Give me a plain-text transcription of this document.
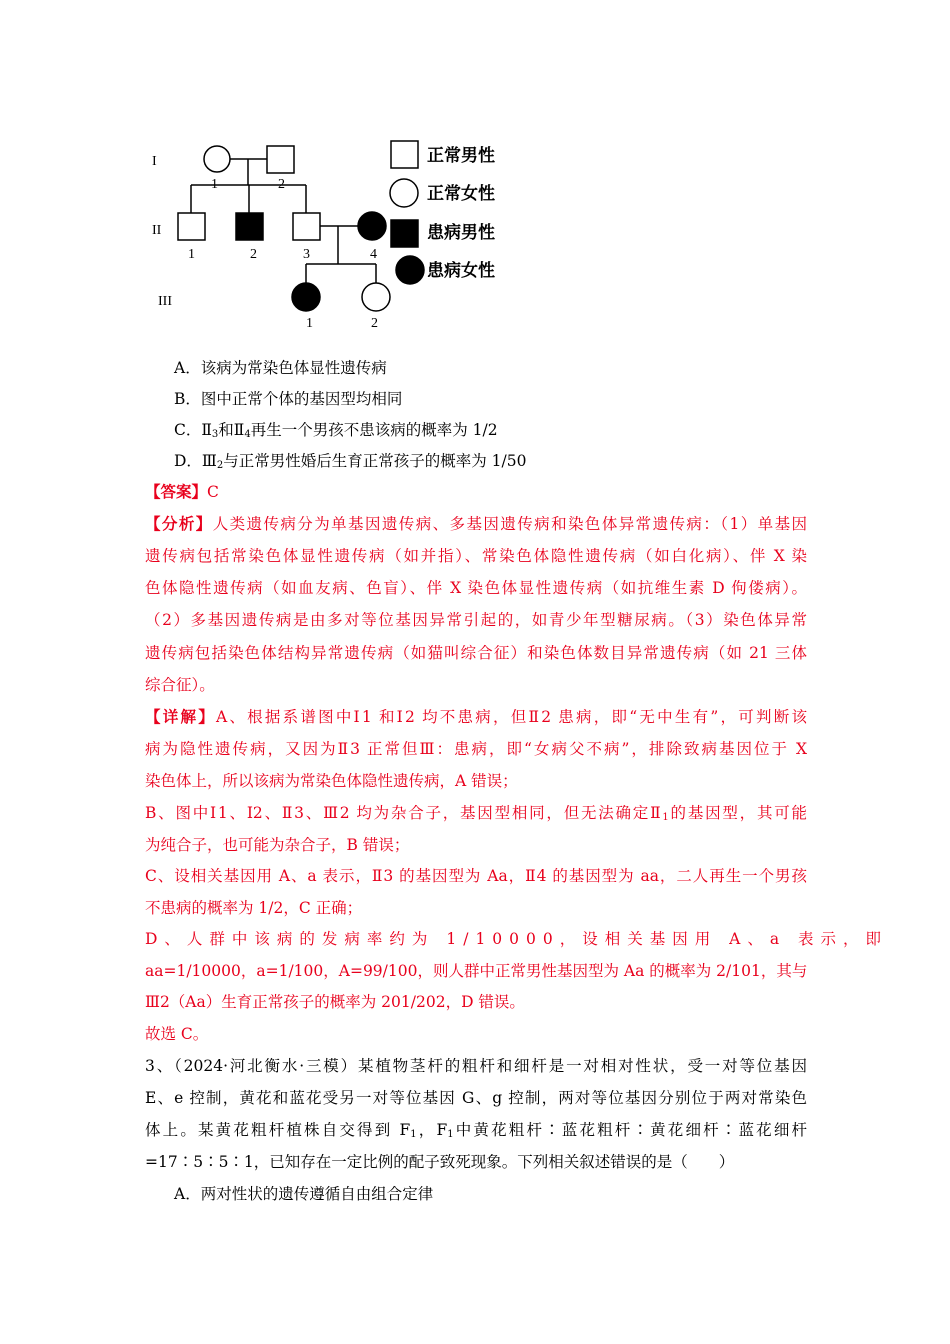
I
II
III
1	2
1	2	3	4
1	2
正常男性
正常女性
患病男性
患病女性
A．该病为常染色体显性遗传病
B．图中正常个体的基因型均相同
C．$Ⅱ_3$和$Ⅱ_4$再生一个男孩不患该病的概率为 1/2
D．$Ⅲ_2$与正常男性婚后生育正常孩子的概率为 1/50
【答案】C
【分析】人类遗传病分为单基因遗传病、多基因遗传病和染色体异常遗传病：（1）单基因
遗传病包括常染色体显性遗传病（如并指）、常染色体隐性遗传病（如白化病）、伴 X 染
色体隐性遗传病（如血友病、色盲）、伴 X 染色体显性遗传病（如抗维生素 D 佝偻病）。
（2）多基因遗传病是由多对等位基因异常引起的，如青少年型糖尿病。（3）染色体异常
遗传病包括染色体结构异常遗传病（如猫叫综合征）和染色体数目异常遗传病（如 21 三体
综合征）。
【详解】A、根据系谱图中Ⅰ1 和Ⅰ2 均不患病，但Ⅱ2 患病，即“无中生有”，可判断该
病为隐性遗传病，又因为Ⅱ3 正常但Ⅲ：患病，即“女病父不病”，排除致病基因位于 X
染色体上，所以该病为常染色体隐性遗传病，A 错误；
B、图中Ⅰ1、I2、Ⅱ3、Ⅲ2 均为杂合子，基因型相同，但无法确定$Ⅱ_1$的基因型，其可能
为纯合子，也可能为杂合子，B 错误；
C、设相关基因用 A、a 表示，Ⅱ3 的基因型为 Aa，Ⅱ4 的基因型为 aa，二人再生一个男孩
不患病的概率为 1/2，C 正确；
D、人群中该病的发病率约为 1/10000，设相关基因用 A、a 表示，即
aa=1/10000，a=1/100，A=99/100，则人群中正常男性基因型为 Aa 的概率为 2/101，其与
Ⅲ2（Aa）生育正常孩子的概率为 201/202，D 错误。
故选 C。
3、（2024·河北衡水·三模）某植物茎杆的粗杆和细杆是一对相对性状，受一对等位基因
E、e 控制，黄花和蓝花受另一对等位基因 G、g 控制，两对等位基因分别位于两对常染色
体上。某黄花粗杆植株自交得到 $F_1$，$F_1$中黄花粗杆∶蓝花粗杆∶黄花细杆∶蓝花细杆
=17∶5∶5∶1，已知存在一定比例的配子致死现象。下列相关叙述错误的是（　　）
A．两对性状的遗传遵循自由组合定律
